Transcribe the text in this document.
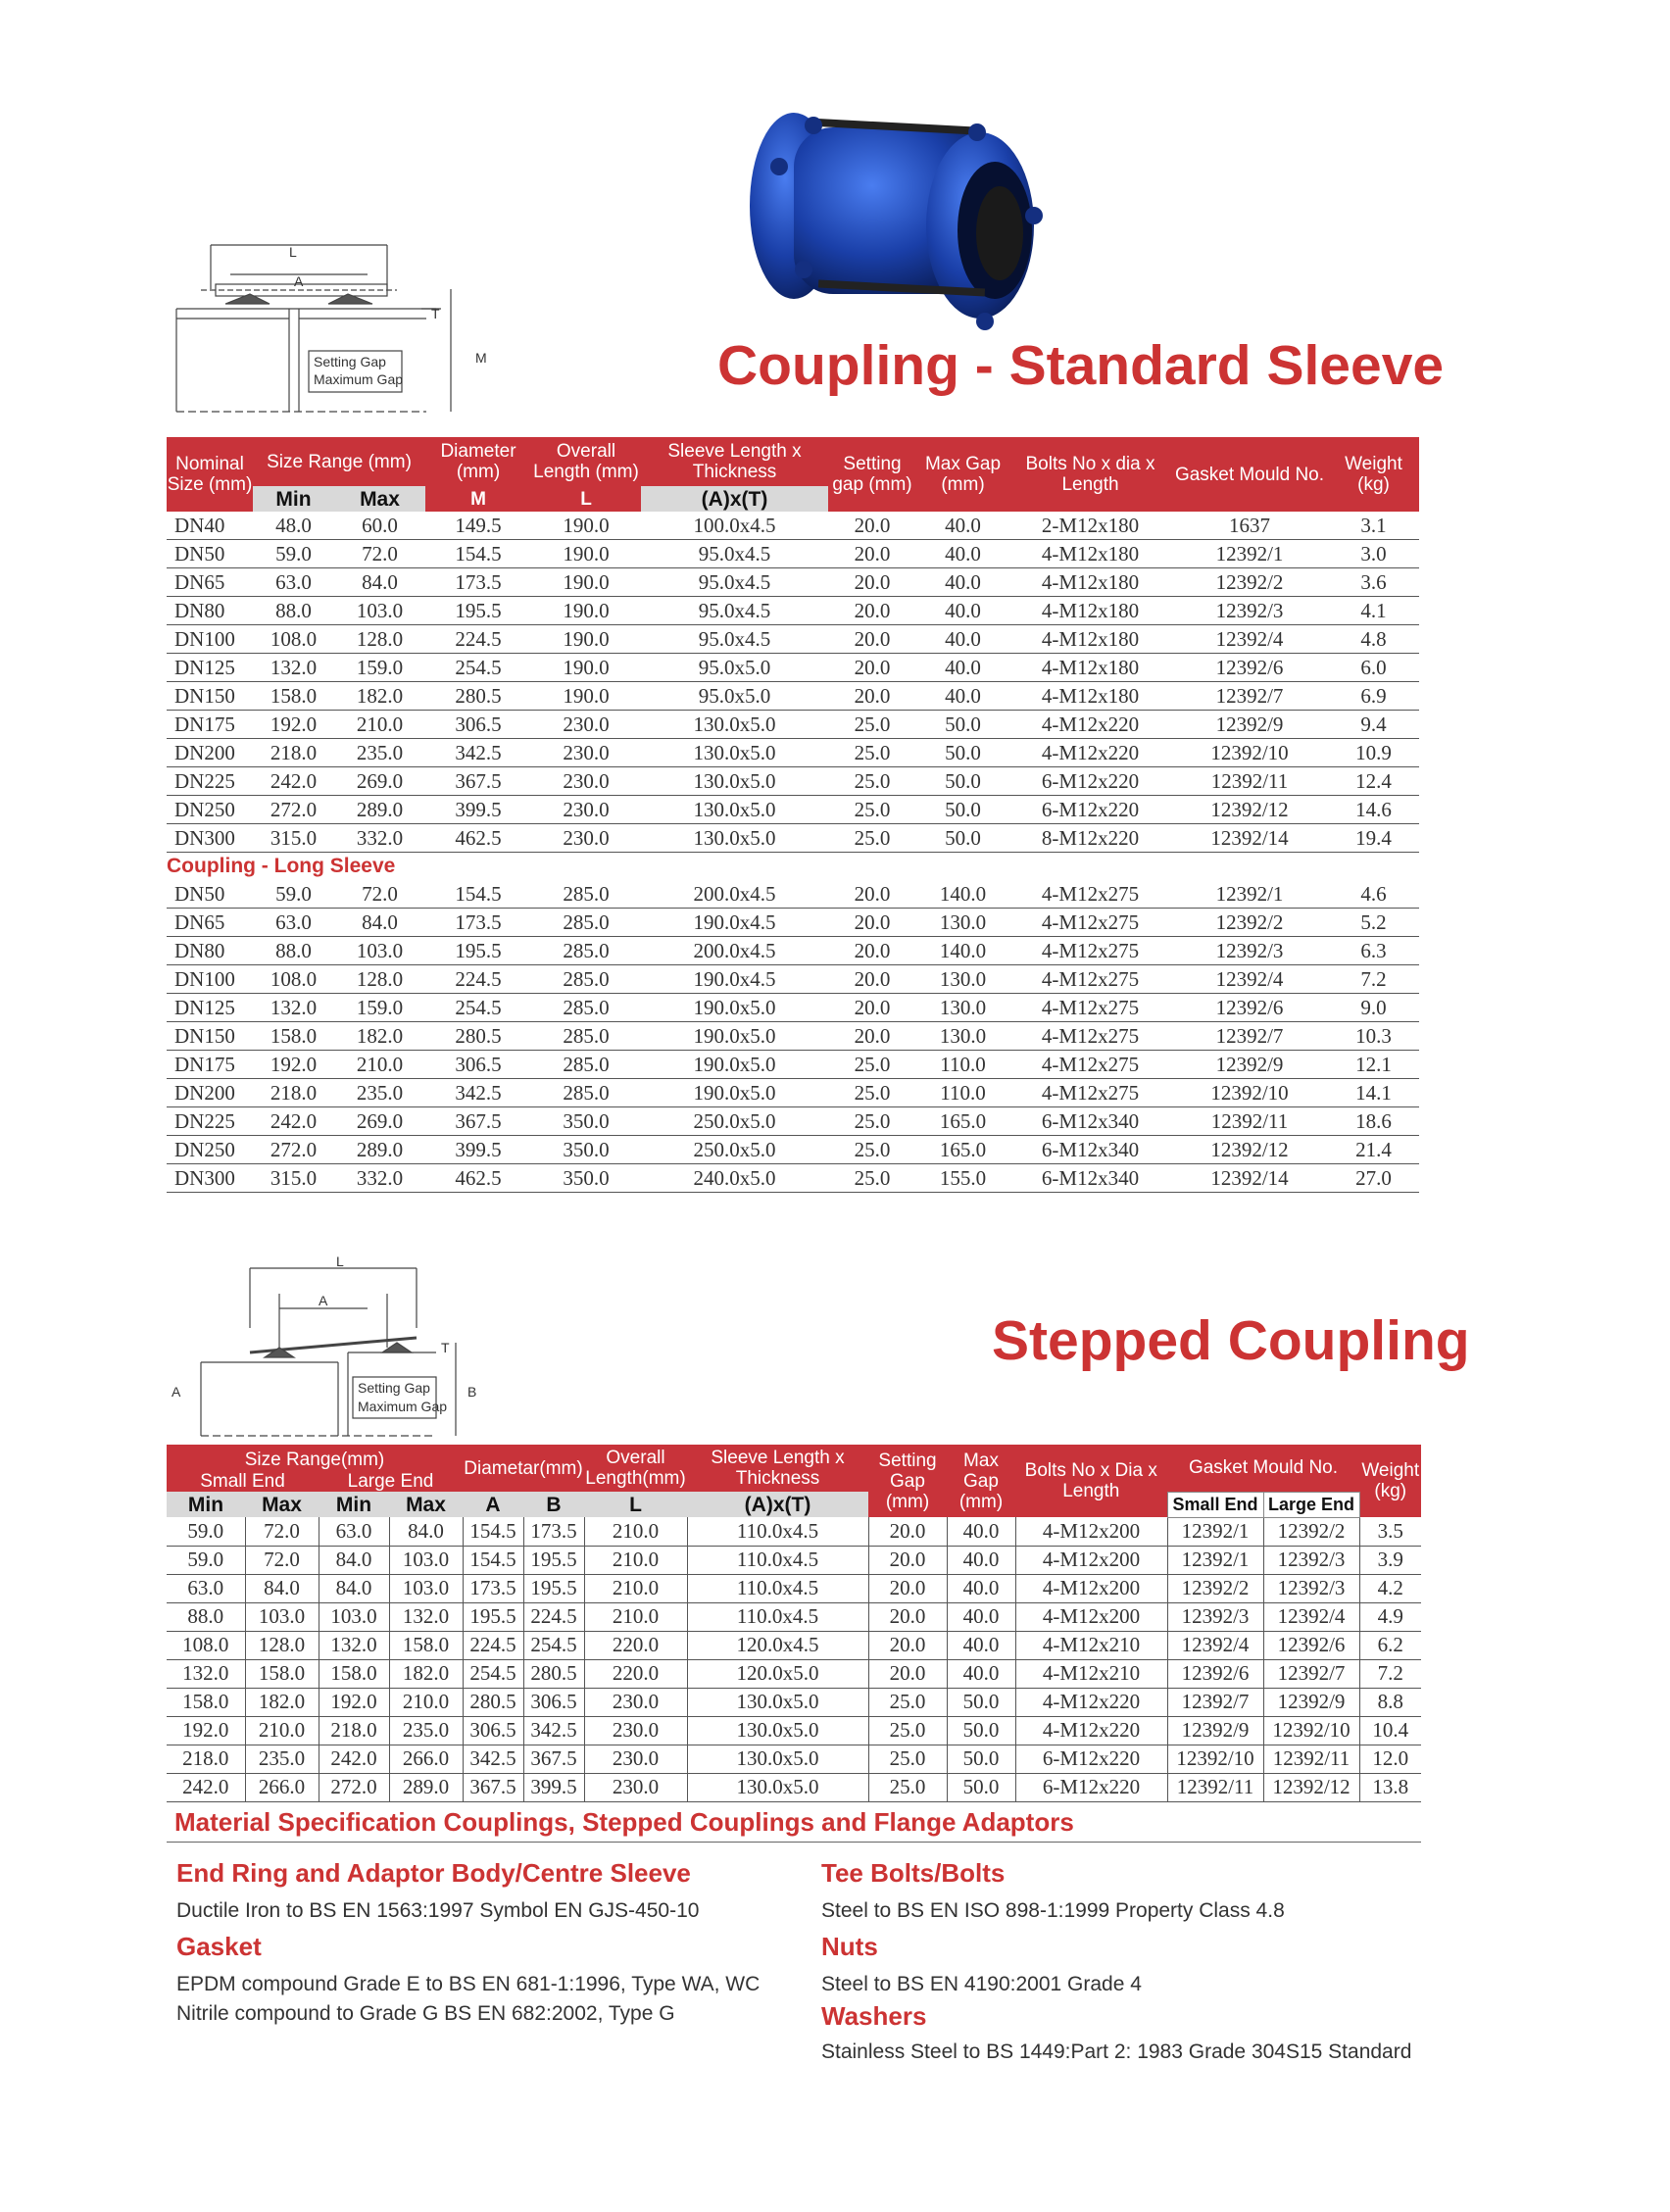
L
A
T
M
Setting Gap
Maximum Gap	Coupling - Standard Sleeve
Nominal Size (mm)	Size Range (mm)		Diameter (mm)	Overall Length (mm)	Sleeve Length x Thickness	Setting gap (mm)	Max Gap (mm)	Bolts No x dia x Length	Gasket Mould No.	Weight (kg)
	Min	Max	M	L	(A)x(T)					
DN40	48.0	60.0	149.5	190.0	100.0x4.5	20.0	40.0	2-M12x180	1637	3.1
DN50	59.0	72.0	154.5	190.0	95.0x4.5	20.0	40.0	4-M12x180	12392/1	3.0
DN65	63.0	84.0	173.5	190.0	95.0x4.5	20.0	40.0	4-M12x180	12392/2	3.6
DN80	88.0	103.0	195.5	190.0	95.0x4.5	20.0	40.0	4-M12x180	12392/3	4.1
DN100	108.0	128.0	224.5	190.0	95.0x4.5	20.0	40.0	4-M12x180	12392/4	4.8
DN125	132.0	159.0	254.5	190.0	95.0x5.0	20.0	40.0	4-M12x180	12392/6	6.0
DN150	158.0	182.0	280.5	190.0	95.0x5.0	20.0	40.0	4-M12x180	12392/7	6.9
DN175	192.0	210.0	306.5	230.0	130.0x5.0	25.0	50.0	4-M12x220	12392/9	9.4
DN200	218.0	235.0	342.5	230.0	130.0x5.0	25.0	50.0	4-M12x220	12392/10	10.9
DN225	242.0	269.0	367.5	230.0	130.0x5.0	25.0	50.0	6-M12x220	12392/11	12.4
DN250	272.0	289.0	399.5	230.0	130.0x5.0	25.0	50.0	6-M12x220	12392/12	14.6
DN300	315.0	332.0	462.5	230.0	130.0x5.0	25.0	50.0	8-M12x220	12392/14	19.4
Coupling - Long Sleeve										
DN50	59.0	72.0	154.5	285.0	200.0x4.5	20.0	140.0	4-M12x275	12392/1	4.6
DN65	63.0	84.0	173.5	285.0	190.0x4.5	20.0	130.0	4-M12x275	12392/2	5.2
DN80	88.0	103.0	195.5	285.0	200.0x4.5	20.0	140.0	4-M12x275	12392/3	6.3
DN100	108.0	128.0	224.5	285.0	190.0x4.5	20.0	130.0	4-M12x275	12392/4	7.2
DN125	132.0	159.0	254.5	285.0	190.0x5.0	20.0	130.0	4-M12x275	12392/6	9.0
DN150	158.0	182.0	280.5	285.0	190.0x5.0	20.0	130.0	4-M12x275	12392/7	10.3
DN175	192.0	210.0	306.5	285.0	190.0x5.0	25.0	110.0	4-M12x275	12392/9	12.1
DN200	218.0	235.0	342.5	285.0	190.0x5.0	25.0	110.0	4-M12x275	12392/10	14.1
DN225	242.0	269.0	367.5	350.0	250.0x5.0	25.0	165.0	6-M12x340	12392/11	18.6
DN250	272.0	289.0	399.5	350.0	250.0x5.0	25.0	165.0	6-M12x340	12392/12	21.4
DN300	315.0	332.0	462.5	350.0	240.0x5.0	25.0	155.0	6-M12x340	12392/14	27.0
L
A
T
A	B
Setting Gap
Maximum Gap
Stepped Coupling
Size Range(mm)				Diametar(mm)		Overall Length(mm)	Sleeve Length x Thickness	Setting Gap (mm)	Max Gap (mm)	Bolts No x Dia x Length	Gasket Mould No.		Weight (kg)
Small End		Large End											
Min	Max	Min	Max	A	B	L	(A)x(T)				Small End	Large End	
59.0	72.0	63.0	84.0	154.5	173.5	210.0	110.0x4.5	20.0	40.0	4-M12x200	12392/1	12392/2	3.5
59.0	72.0	84.0	103.0	154.5	195.5	210.0	110.0x4.5	20.0	40.0	4-M12x200	12392/1	12392/3	3.9
63.0	84.0	84.0	103.0	173.5	195.5	210.0	110.0x4.5	20.0	40.0	4-M12x200	12392/2	12392/3	4.2
88.0	103.0	103.0	132.0	195.5	224.5	210.0	110.0x4.5	20.0	40.0	4-M12x200	12392/3	12392/4	4.9
108.0	128.0	132.0	158.0	224.5	254.5	220.0	120.0x4.5	20.0	40.0	4-M12x210	12392/4	12392/6	6.2
132.0	158.0	158.0	182.0	254.5	280.5	220.0	120.0x5.0	20.0	40.0	4-M12x210	12392/6	12392/7	7.2
158.0	182.0	192.0	210.0	280.5	306.5	230.0	130.0x5.0	25.0	50.0	4-M12x220	12392/7	12392/9	8.8
192.0	210.0	218.0	235.0	306.5	342.5	230.0	130.0x5.0	25.0	50.0	4-M12x220	12392/9	12392/10	10.4
218.0	235.0	242.0	266.0	342.5	367.5	230.0	130.0x5.0	25.0	50.0	6-M12x220	12392/10	12392/11	12.0
242.0	266.0	272.0	289.0	367.5	399.5	230.0	130.0x5.0	25.0	50.0	6-M12x220	12392/11	12392/12	13.8
Material Specification Couplings, Stepped Couplings and Flange Adaptors
End Ring and Adaptor Body/Centre Sleeve
Ductile Iron to BS EN 1563:1997 Symbol EN GJS-450-10
Gasket
EPDM compound Grade E to BS EN 681-1:1996, Type WA, WC
Nitrile compound to Grade G BS EN 682:2002, Type G
Tee Bolts/Bolts
Steel to BS EN ISO 898-1:1999 Property Class 4.8
Nuts
Steel to BS EN 4190:2001 Grade 4
Washers
Stainless Steel to BS 1449:Part 2: 1983 Grade 304S15 Standard
